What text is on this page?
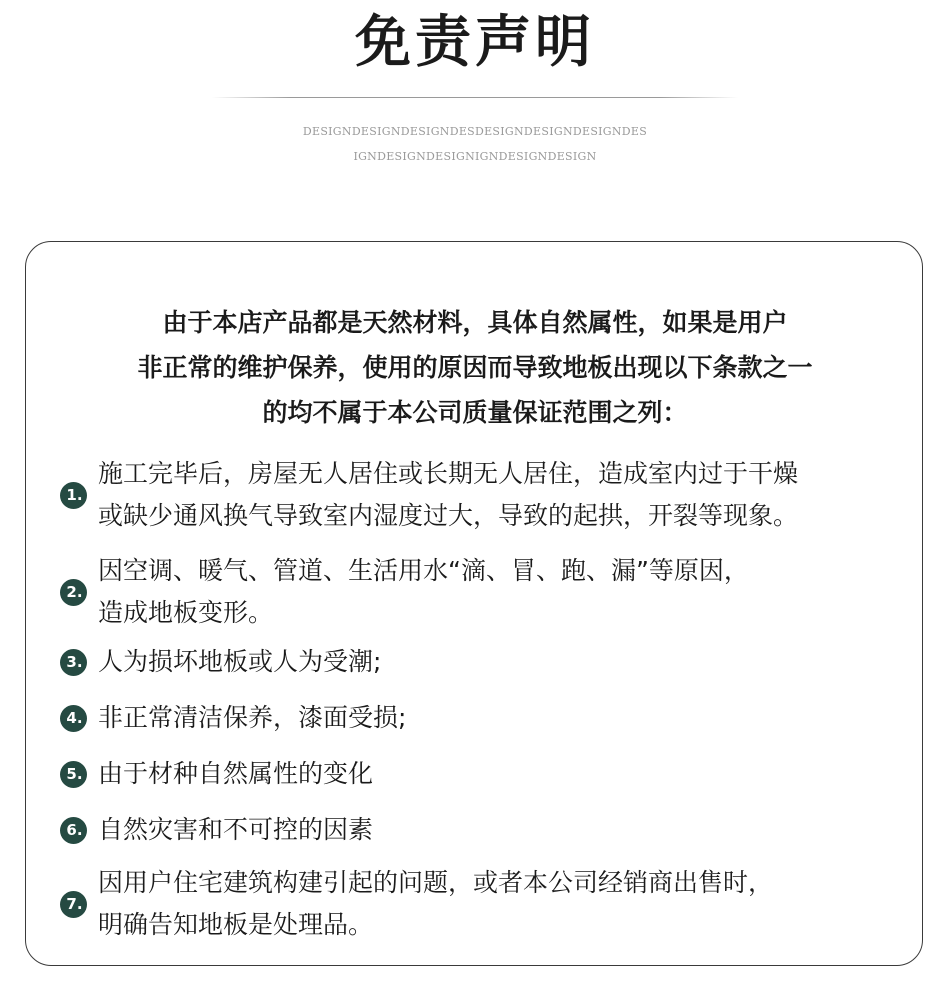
免责声明
DESIGNDESIGNDESIGNDESDESIGNDESIGNDESIGNDES
IGNDESIGNDESIGNIGNDESIGNDESIGN
由于本店产品都是天然材料，具体自然属性，如果是用户
非正常的维护保养，使用的原因而导致地板出现以下条款之一
的均不属于本公司质量保证范围之列：
1.
施工完毕后，房屋无人居住或长期无人居住，造成室内过于干燥
或缺少通风换气导致室内湿度过大，导致的起拱，开裂等现象。
2.
因空调、暖气、管道、生活用水“滴、冒、跑、漏”等原因，
造成地板变形。
3. 人为损坏地板或人为受潮;
4. 非正常清洁保养，漆面受损;
5. 由于材种自然属性的变化
6. 自然灾害和不可控的因素
7.
因用户住宅建筑构建引起的问题，或者本公司经销商出售时，
明确告知地板是处理品。
